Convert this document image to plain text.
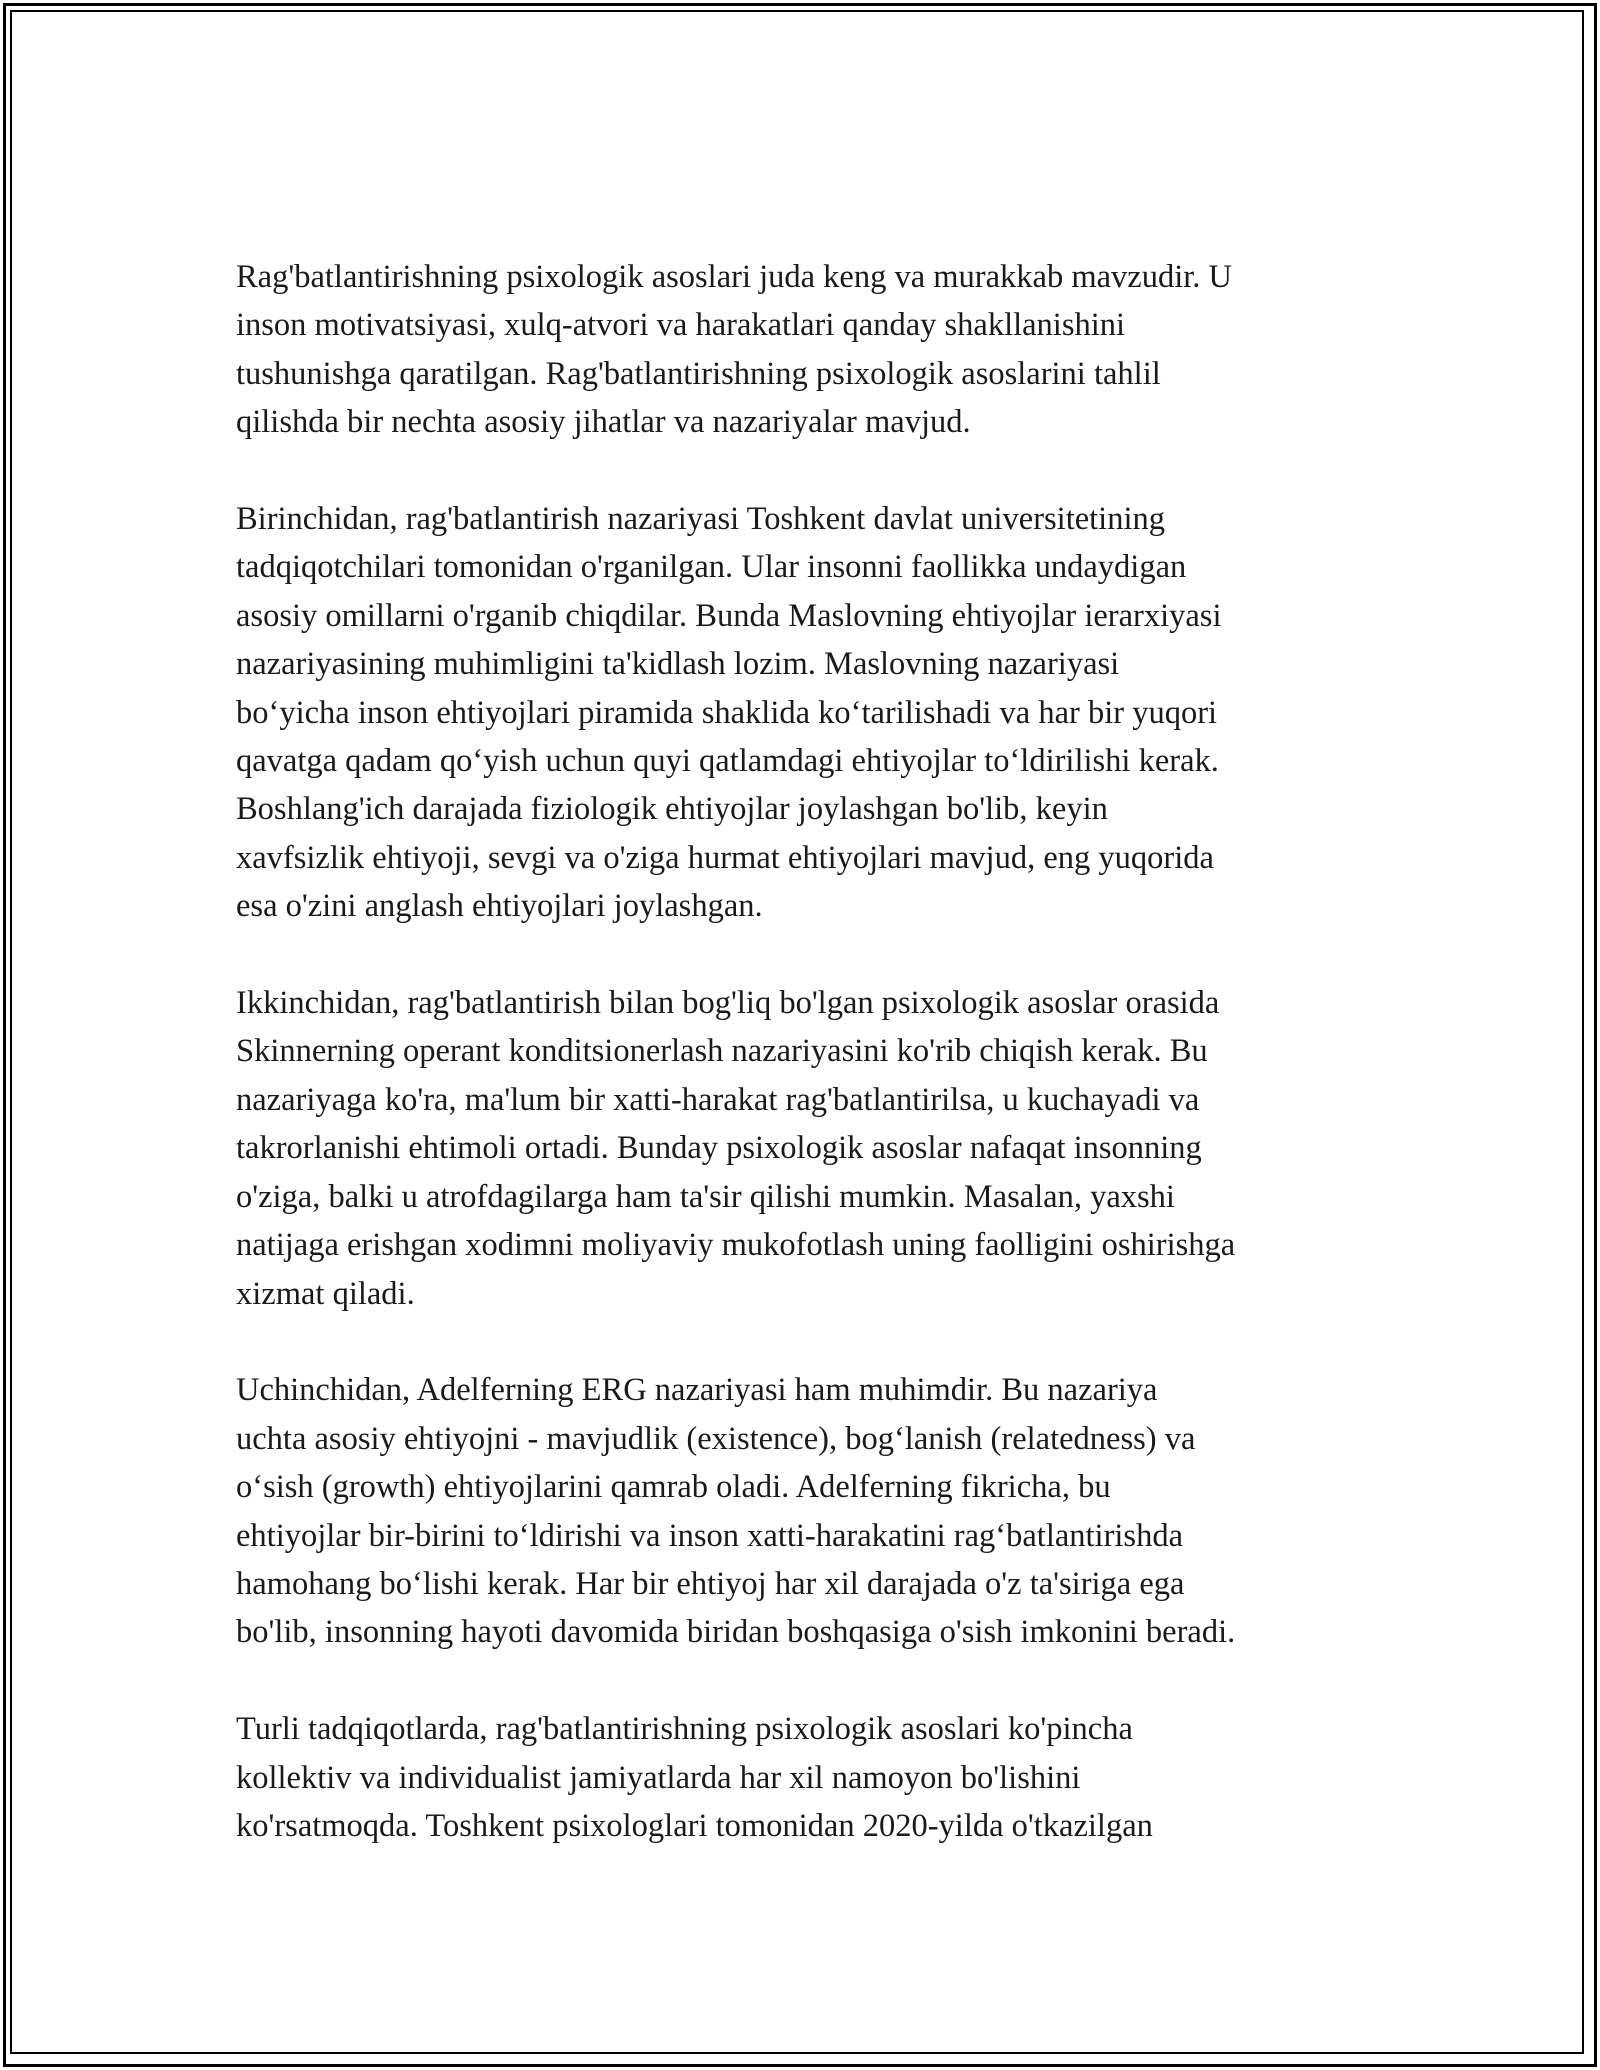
Rag'batlantirishning psixologik asoslari juda keng va murakkab mavzudir. U
inson motivatsiyasi, xulq-atvori va harakatlari qanday shakllanishini
tushunishga qaratilgan. Rag'batlantirishning psixologik asoslarini tahlil
qilishda bir nechta asosiy jihatlar va nazariyalar mavjud.

Birinchidan, rag'batlantirish nazariyasi Toshkent davlat universitetining
tadqiqotchilari tomonidan o'rganilgan. Ular insonni faollikka undaydigan
asosiy omillarni o'rganib chiqdilar. Bunda Maslovning ehtiyojlar ierarxiyasi
nazariyasining muhimligini ta'kidlash lozim. Maslovning nazariyasi
bo‘yicha inson ehtiyojlari piramida shaklida ko‘tarilishadi va har bir yuqori
qavatga qadam qo‘yish uchun quyi qatlamdagi ehtiyojlar to‘ldirilishi kerak.
Boshlang'ich darajada fiziologik ehtiyojlar joylashgan bo'lib, keyin
xavfsizlik ehtiyoji, sevgi va o'ziga hurmat ehtiyojlari mavjud, eng yuqorida
esa o'zini anglash ehtiyojlari joylashgan.

Ikkinchidan, rag'batlantirish bilan bog'liq bo'lgan psixologik asoslar orasida
Skinnerning operant konditsionerlash nazariyasini ko'rib chiqish kerak. Bu
nazariyaga ko'ra, ma'lum bir xatti-harakat rag'batlantirilsa, u kuchayadi va
takrorlanishi ehtimoli ortadi. Bunday psixologik asoslar nafaqat insonning
o'ziga, balki u atrofdagilarga ham ta'sir qilishi mumkin. Masalan, yaxshi
natijaga erishgan xodimni moliyaviy mukofotlash uning faolligini oshirishga
xizmat qiladi.

Uchinchidan, Adelferning ERG nazariyasi ham muhimdir. Bu nazariya
uchta asosiy ehtiyojni - mavjudlik (existence), bog‘lanish (relatedness) va
o‘sish (growth) ehtiyojlarini qamrab oladi. Adelferning fikricha, bu
ehtiyojlar bir-birini to‘ldirishi va inson xatti-harakatini rag‘batlantirishda
hamohang bo‘lishi kerak. Har bir ehtiyoj har xil darajada o'z ta'siriga ega
bo'lib, insonning hayoti davomida biridan boshqasiga o'sish imkonini beradi.

Turli tadqiqotlarda, rag'batlantirishning psixologik asoslari ko'pincha
kollektiv va individualist jamiyatlarda har xil namoyon bo'lishini
ko'rsatmoqda. Toshkent psixologlari tomonidan 2020-yilda o'tkazilgan
